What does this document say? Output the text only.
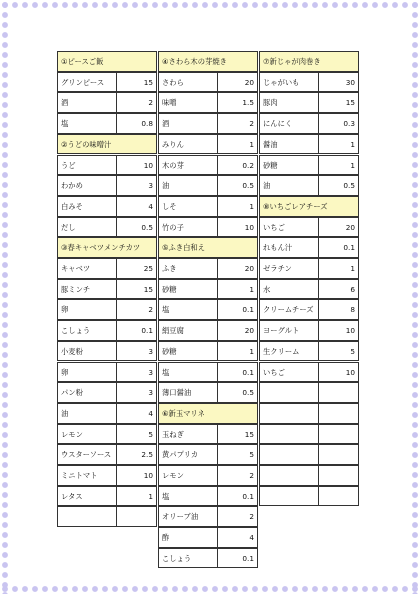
①ピースご飯
グリンピース	15
酒	2
塩	0.8
②うどの味噌汁
うど	10
わかめ	3
白みそ	4
だし	0.5
③春キャベツメンチカツ
キャベツ	25
豚ミンチ	15
卵	2
こしょう	0.1
小麦粉	3
卵	3
パン粉	3
油	4
レモン	5
ウスターソース	2.5
ミニトマト	10
レタス	1
④さわら木の芽焼き
さわら	20
味噌	1.5
酒	2
みりん	1
木の芽	0.2
油	0.5
しそ	1
竹の子	10
⑤ふき白和え
ふき	20
砂糖	1
塩	0.1
絹豆腐	20
砂糖	1
塩	0.1
薄口醤油	0.5
⑥新玉マリネ
玉ねぎ	15
黄パプリカ	5
レモン	2
塩	0.1
オリーブ油	2
酢	4
こしょう	0.1
⑦新じゃが肉巻き
じゃがいも	30
豚肉	15
にんにく	0.3
醤油	1
砂糖	1
油	0.5
⑧いちごレアチーズ
いちご	20
れもん汁	0.1
ゼラチン	1
水	6
クリームチーズ	8
ヨーグルト	10
生クリーム	5
いちご	10
